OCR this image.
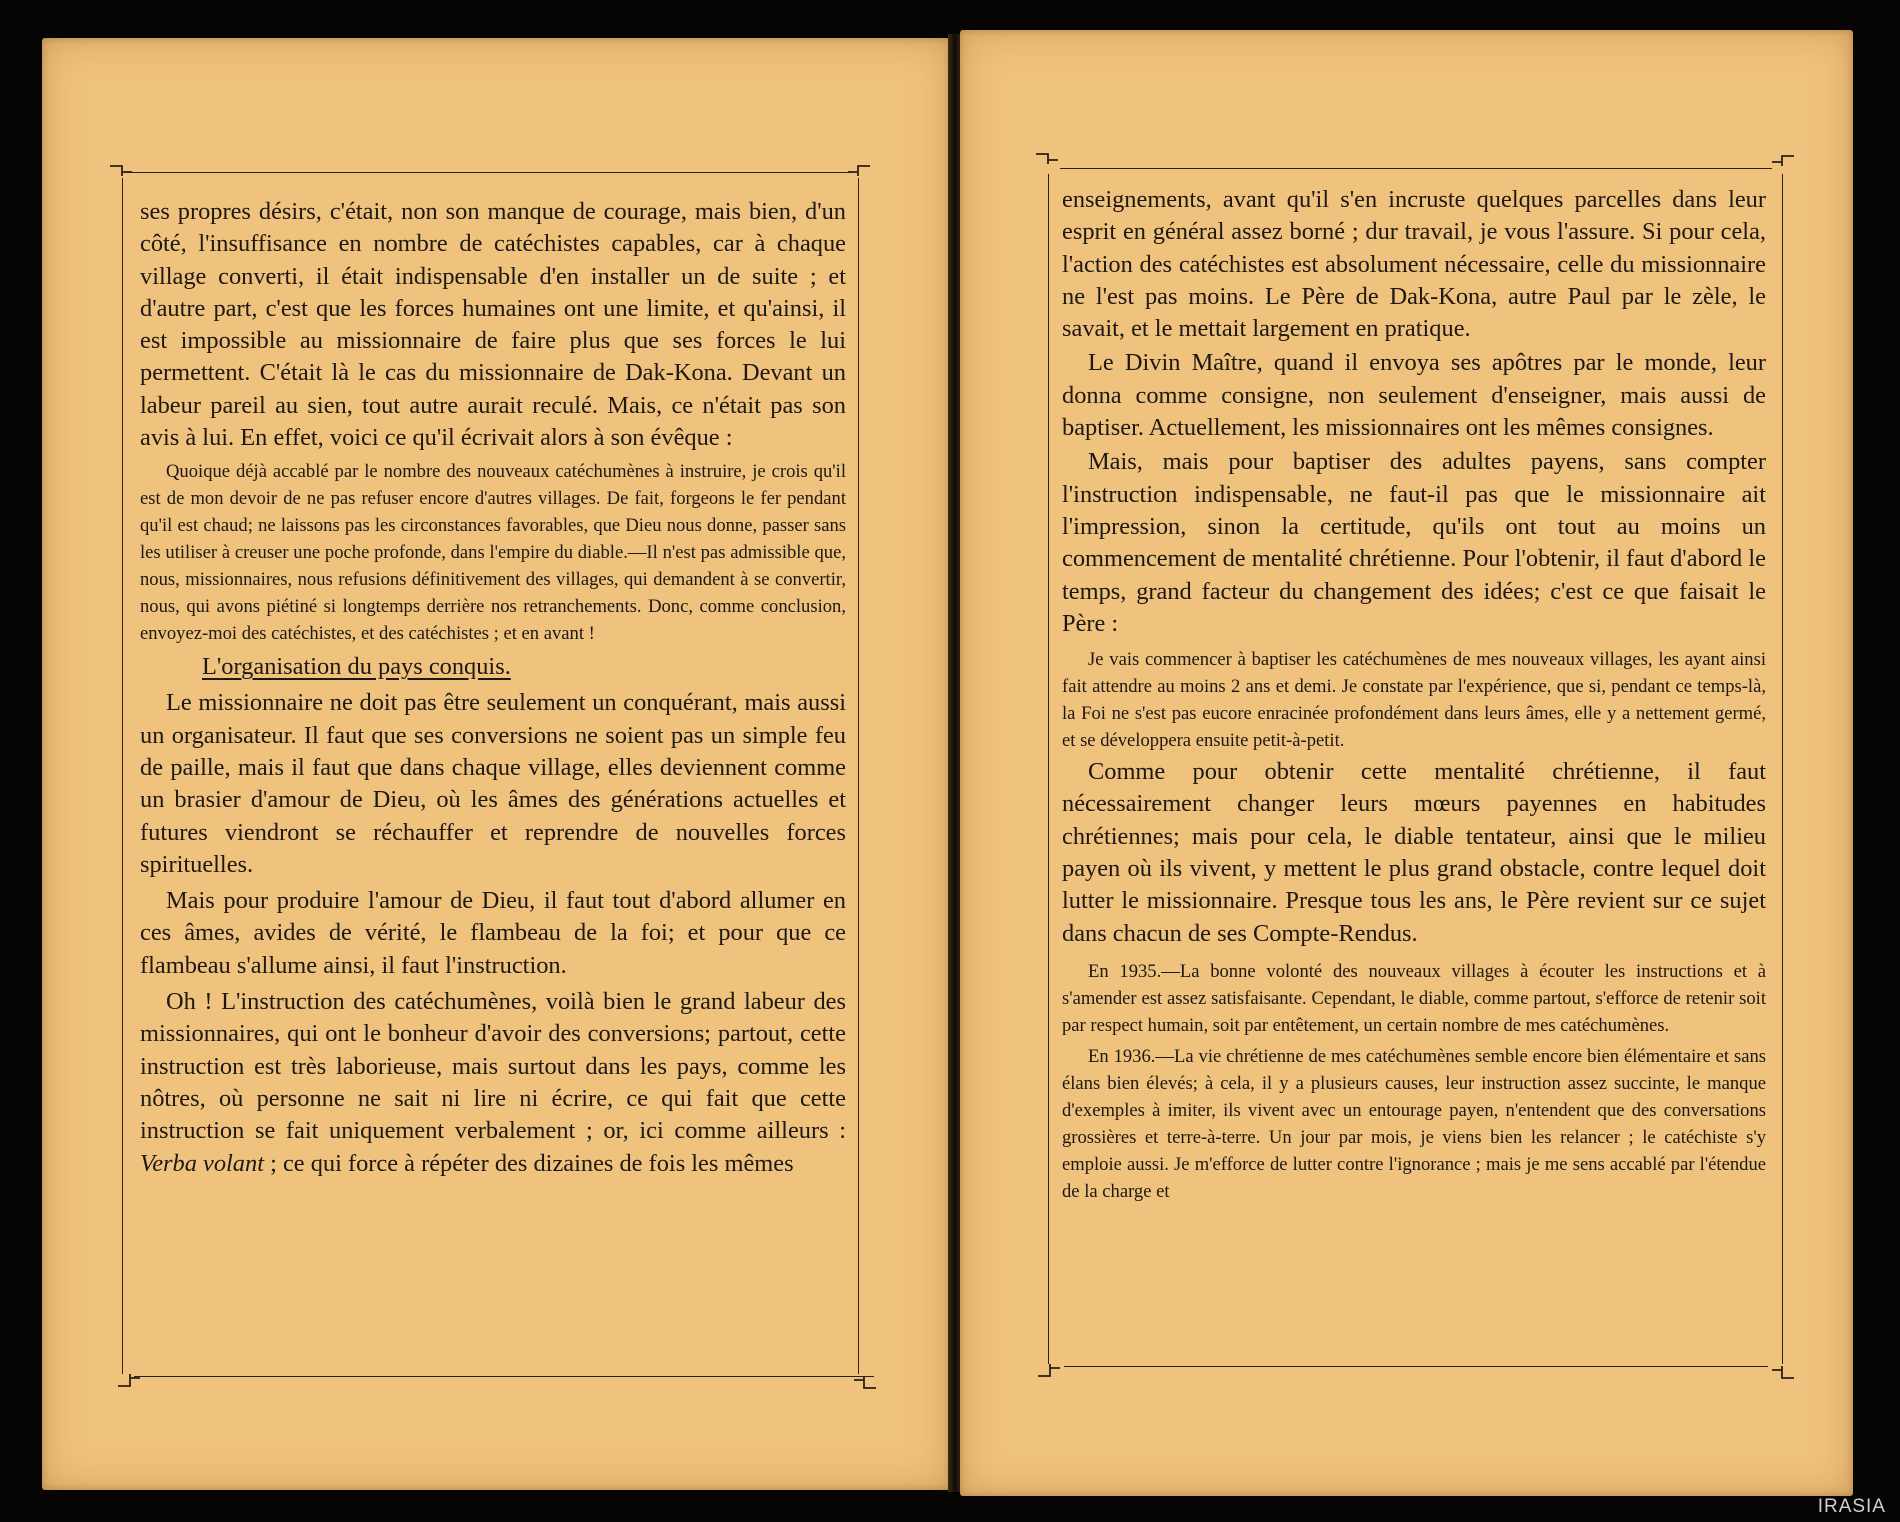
ses propres désirs, c'était, non son manque de courage, mais bien, d'un côté, l'insuffisance en nombre de catéchistes capables, car à chaque village converti, il était indispensable d'en installer un de suite ; et d'autre part, c'est que les forces humaines ont une limite, et qu'ainsi, il est impossible au missionnaire de faire plus que ses forces le lui permettent. C'était là le cas du missionnaire de Dak-Kona. Devant un labeur pareil au sien, tout autre aurait reculé. Mais, ce n'était pas son avis à lui. En effet, voici ce qu'il écrivait alors à son évêque :

Quoique déjà accablé par le nombre des nouveaux catéchumènes à instruire, je crois qu'il est de mon devoir de ne pas refuser encore d'autres villages. De fait, forgeons le fer pendant qu'il est chaud; ne laissons pas les circonstances favorables, que Dieu nous donne, passer sans les utiliser à creuser une poche profonde, dans l'empire du diable.—Il n'est pas admissible que, nous, missionnaires, nous refusions définitivement des villages, qui demandent à se convertir, nous, qui avons piétiné si longtemps derrière nos retranchements. Donc, comme conclusion, envoyez-moi des catéchistes, et des catéchistes ; et en avant !

L'organisation du pays conquis.

Le missionnaire ne doit pas être seulement un conquérant, mais aussi un organisateur. Il faut que ses conversions ne soient pas un simple feu de paille, mais il faut que dans chaque village, elles deviennent comme un brasier d'amour de Dieu, où les âmes des générations actuelles et futures viendront se réchauffer et reprendre de nouvelles forces spirituelles.

Mais pour produire l'amour de Dieu, il faut tout d'abord allumer en ces âmes, avides de vérité, le flambeau de la foi; et pour que ce flambeau s'allume ainsi, il faut l'instruction.

Oh ! L'instruction des catéchumènes, voilà bien le grand labeur des missionnaires, qui ont le bonheur d'avoir des conversions; partout, cette instruction est très laborieuse, mais surtout dans les pays, comme les nôtres, où personne ne sait ni lire ni écrire, ce qui fait que cette instruction se fait uniquement verbalement ; or, ici comme ailleurs : Verba volant ; ce qui force à répéter des dizaines de fois les mêmes

enseignements, avant qu'il s'en incruste quelques parcelles dans leur esprit en général assez borné ; dur travail, je vous l'assure. Si pour cela, l'action des catéchistes est absolument nécessaire, celle du missionnaire ne l'est pas moins. Le Père de Dak-Kona, autre Paul par le zèle, le savait, et le mettait largement en pratique.

Le Divin Maître, quand il envoya ses apôtres par le monde, leur donna comme consigne, non seulement d'enseigner, mais aussi de baptiser. Actuellement, les missionnaires ont les mêmes consignes.

Mais, mais pour baptiser des adultes payens, sans compter l'instruction indispensable, ne faut-il pas que le missionnaire ait l'impression, sinon la certitude, qu'ils ont tout au moins un commencement de mentalité chrétienne. Pour l'obtenir, il faut d'abord le temps, grand facteur du changement des idées; c'est ce que faisait le Père :

Je vais commencer à baptiser les catéchumènes de mes nouveaux villages, les ayant ainsi fait attendre au moins 2 ans et demi. Je constate par l'expérience, que si, pendant ce temps-là, la Foi ne s'est pas eucore enracinée profondément dans leurs âmes, elle y a nettement germé, et se développera ensuite petit-à-petit.

Comme pour obtenir cette mentalité chrétienne, il faut nécessairement changer leurs mœurs payennes en habitudes chrétiennes; mais pour cela, le diable tentateur, ainsi que le milieu payen où ils vivent, y mettent le plus grand obstacle, contre lequel doit lutter le missionnaire. Presque tous les ans, le Père revient sur ce sujet dans chacun de ses Compte-Rendus.

En 1935.—La bonne volonté des nouveaux villages à écouter les instructions et à s'amender est assez satisfaisante. Cependant, le diable, comme partout, s'efforce de retenir soit par respect humain, soit par entêtement, un certain nombre de mes catéchumènes.

En 1936.—La vie chrétienne de mes catéchumènes semble encore bien élémentaire et sans élans bien élevés; à cela, il y a plusieurs causes, leur instruction assez succinte, le manque d'exemples à imiter, ils vivent avec un entourage payen, n'entendent que des conversations grossières et terre-à-terre. Un jour par mois, je viens bien les relancer ; le catéchiste s'y emploie aussi. Je m'efforce de lutter contre l'ignorance ; mais je me sens accablé par l'étendue de la charge et

IRASIA
